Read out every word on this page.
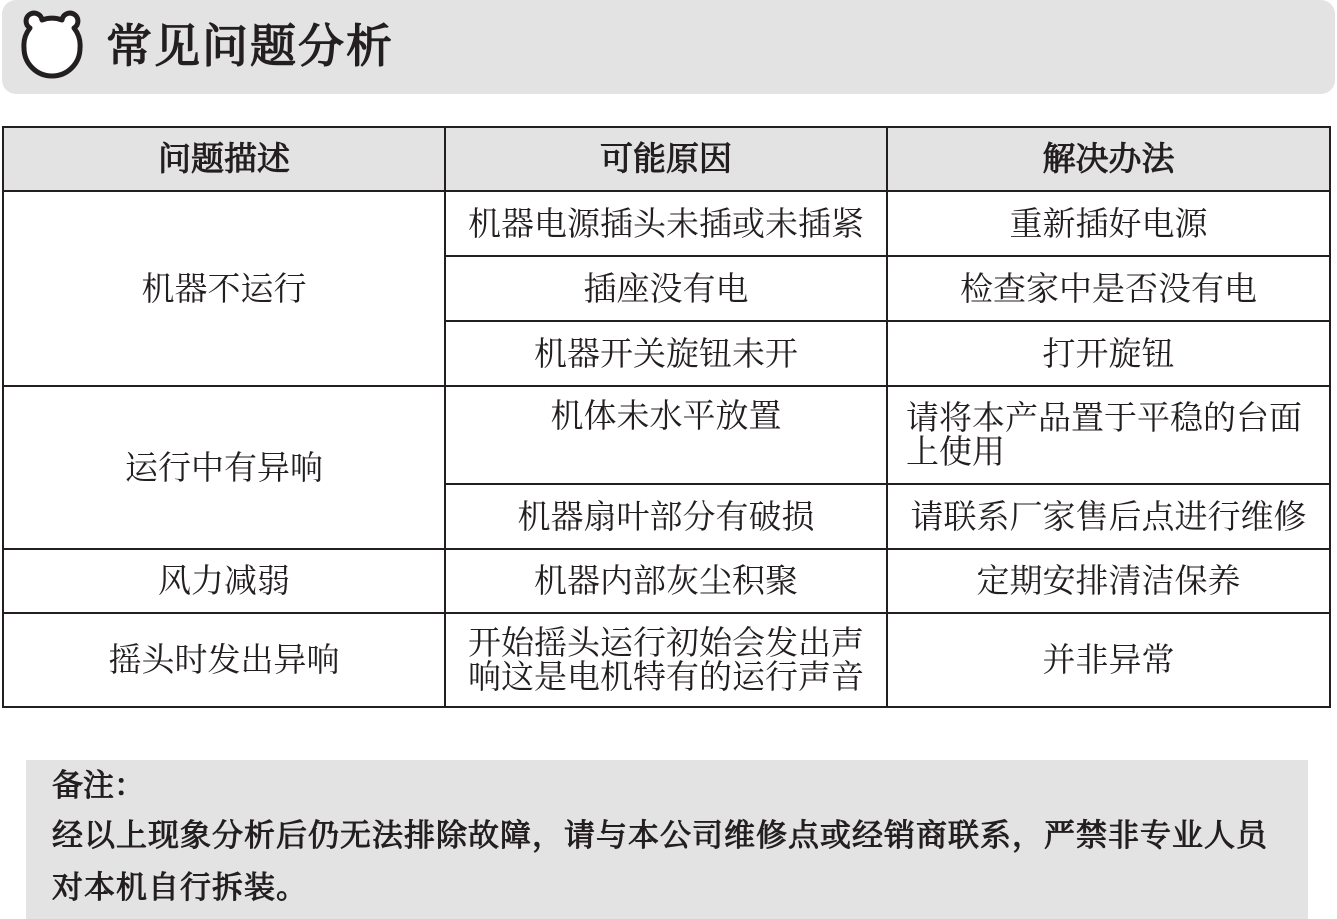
常见问题分析
问题描述	可能原因	解决办法
机器不运行	机器电源插头未插或未插紧	重新插好电源
	插座没有电	检查家中是否没有电
	机器开关旋钮未开	打开旋钮
运行中有异响	机体未水平放置	请将本产品置于平稳的台面上使用
	机器扇叶部分有破损	请联系厂家售后点进行维修
风力减弱	机器内部灰尘积聚	定期安排清洁保养
摇头时发出异响	开始摇头运行初始会发出声响这是电机特有的运行声音	并非异常
备注：
经以上现象分析后仍无法排除故障，请与本公司维修点或经销商联系，严禁非专业人员对本机自行拆装。
